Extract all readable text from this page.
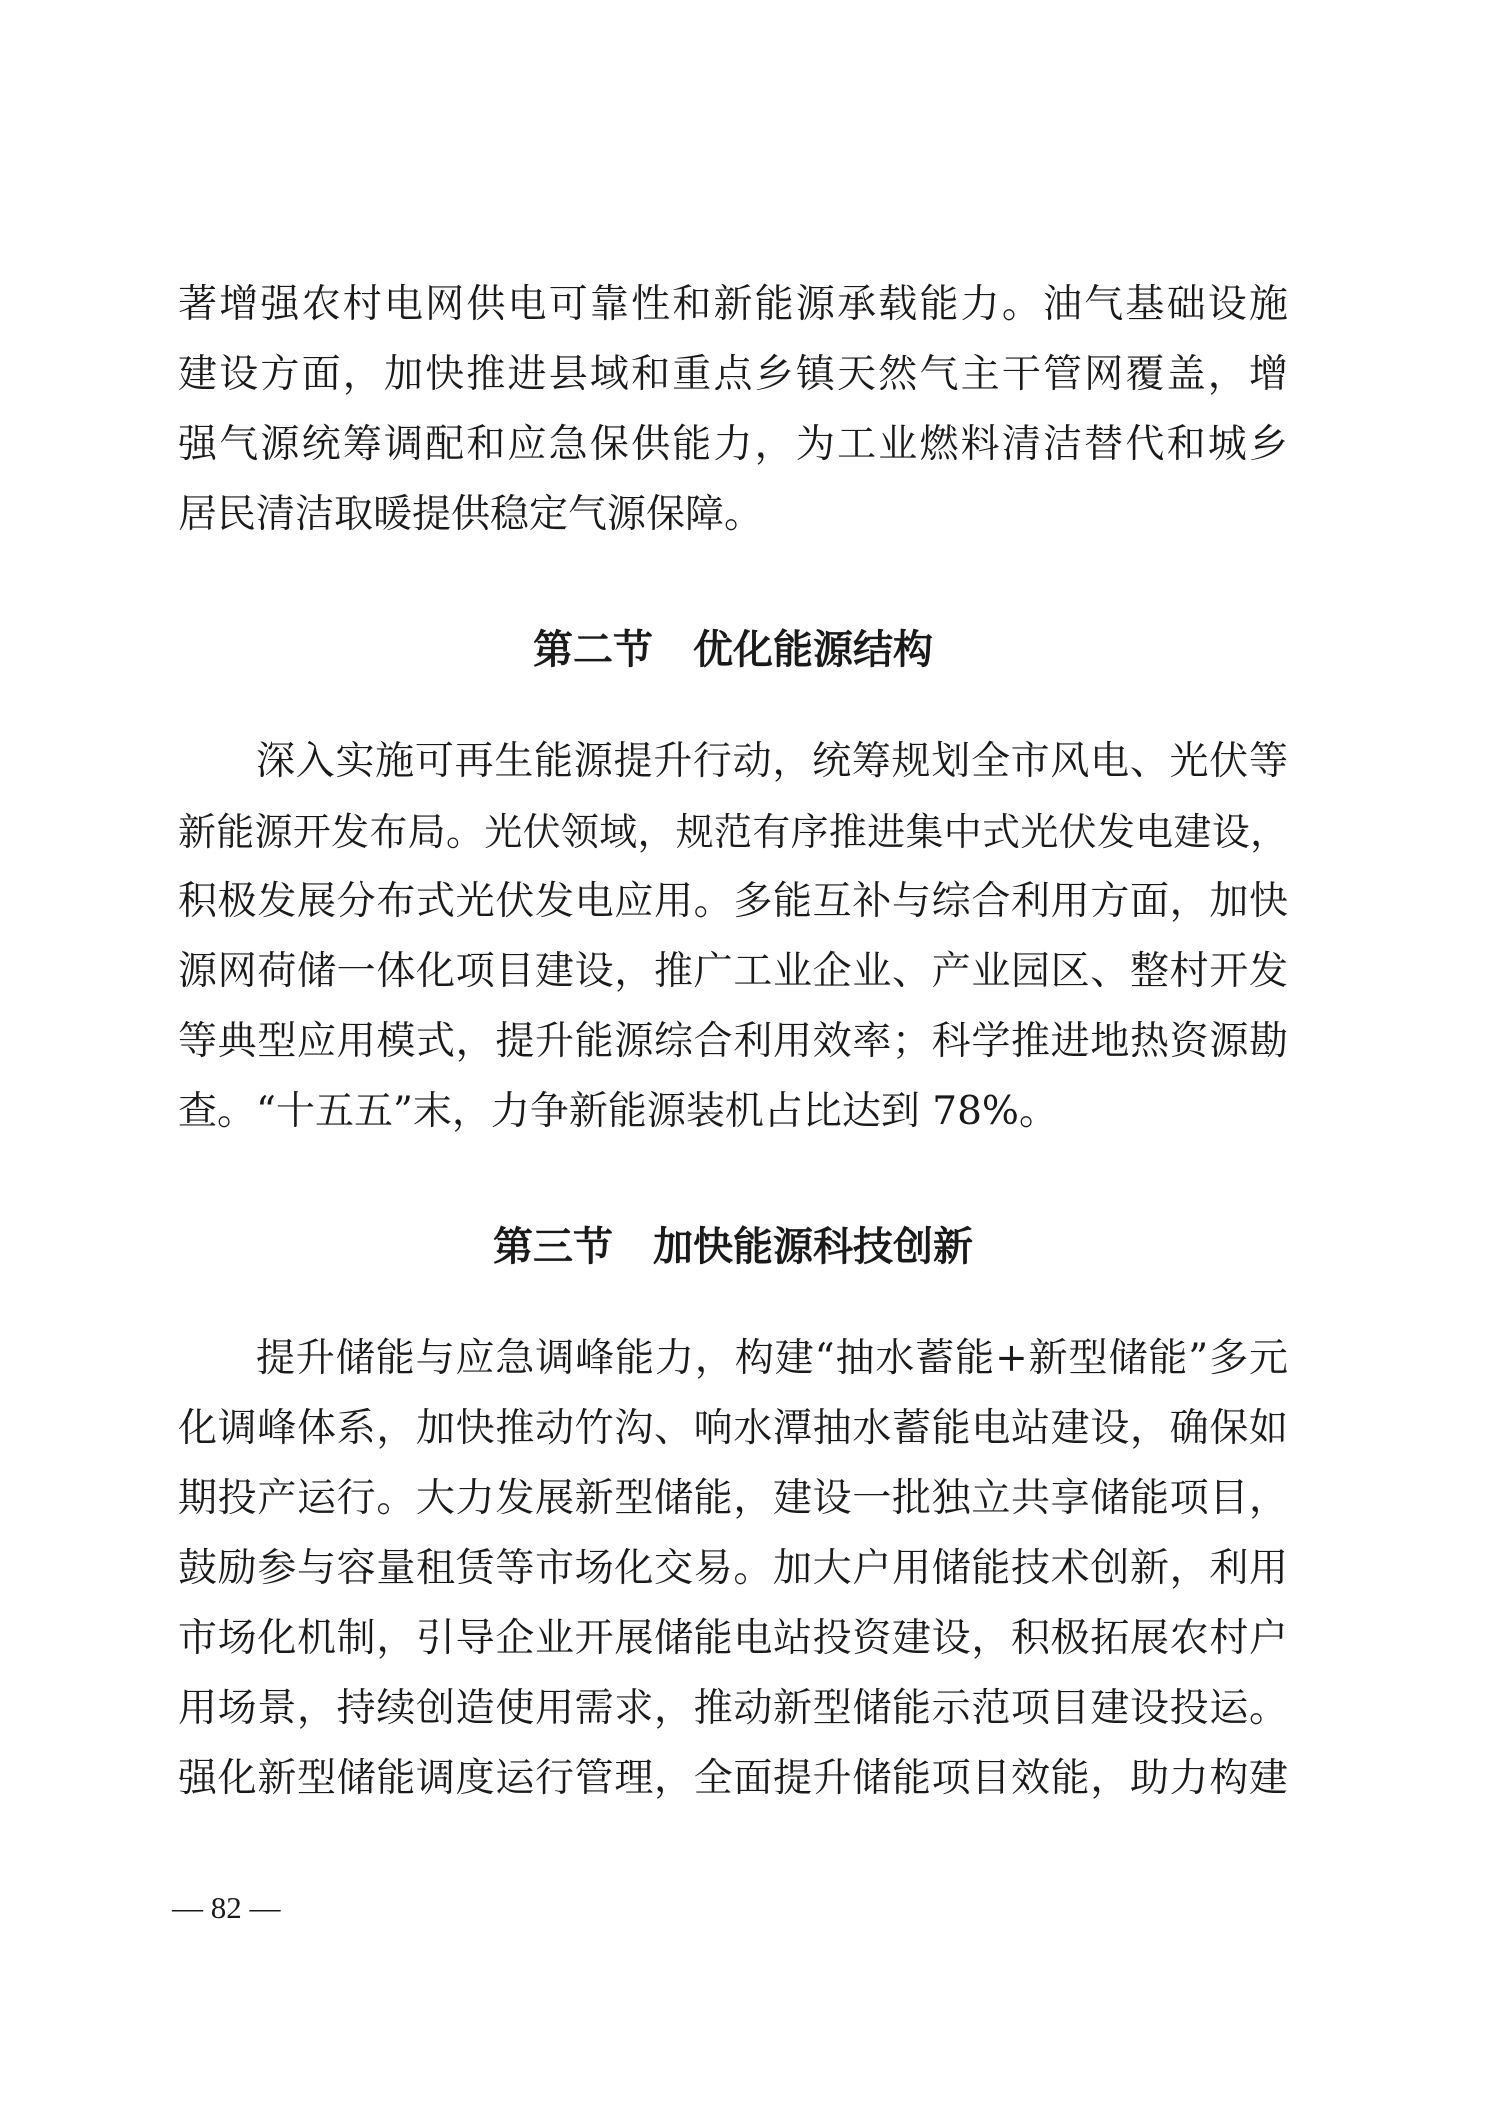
著增强农村电网供电可靠性和新能源承载能力。油气基础设施
建设方面，加快推进县域和重点乡镇天然气主干管网覆盖，增
强气源统筹调配和应急保供能力，为工业燃料清洁替代和城乡
居民清洁取暖提供稳定气源保障。
第二节　优化能源结构
深入实施可再生能源提升行动，统筹规划全市风电、光伏等
新能源开发布局。光伏领域，规范有序推进集中式光伏发电建设，
积极发展分布式光伏发电应用。多能互补与综合利用方面，加快
源网荷储一体化项目建设，推广工业企业、产业园区、整村开发
等典型应用模式，提升能源综合利用效率；科学推进地热资源勘
查。“十五五”末，力争新能源装机占比达到 78%。
第三节　加快能源科技创新
提升储能与应急调峰能力，构建“抽水蓄能+新型储能”多元
化调峰体系，加快推动竹沟、响水潭抽水蓄能电站建设，确保如
期投产运行。大力发展新型储能，建设一批独立共享储能项目，
鼓励参与容量租赁等市场化交易。加大户用储能技术创新，利用
市场化机制，引导企业开展储能电站投资建设，积极拓展农村户
用场景，持续创造使用需求，推动新型储能示范项目建设投运。
强化新型储能调度运行管理，全面提升储能项目效能，助力构建
— 82 —
